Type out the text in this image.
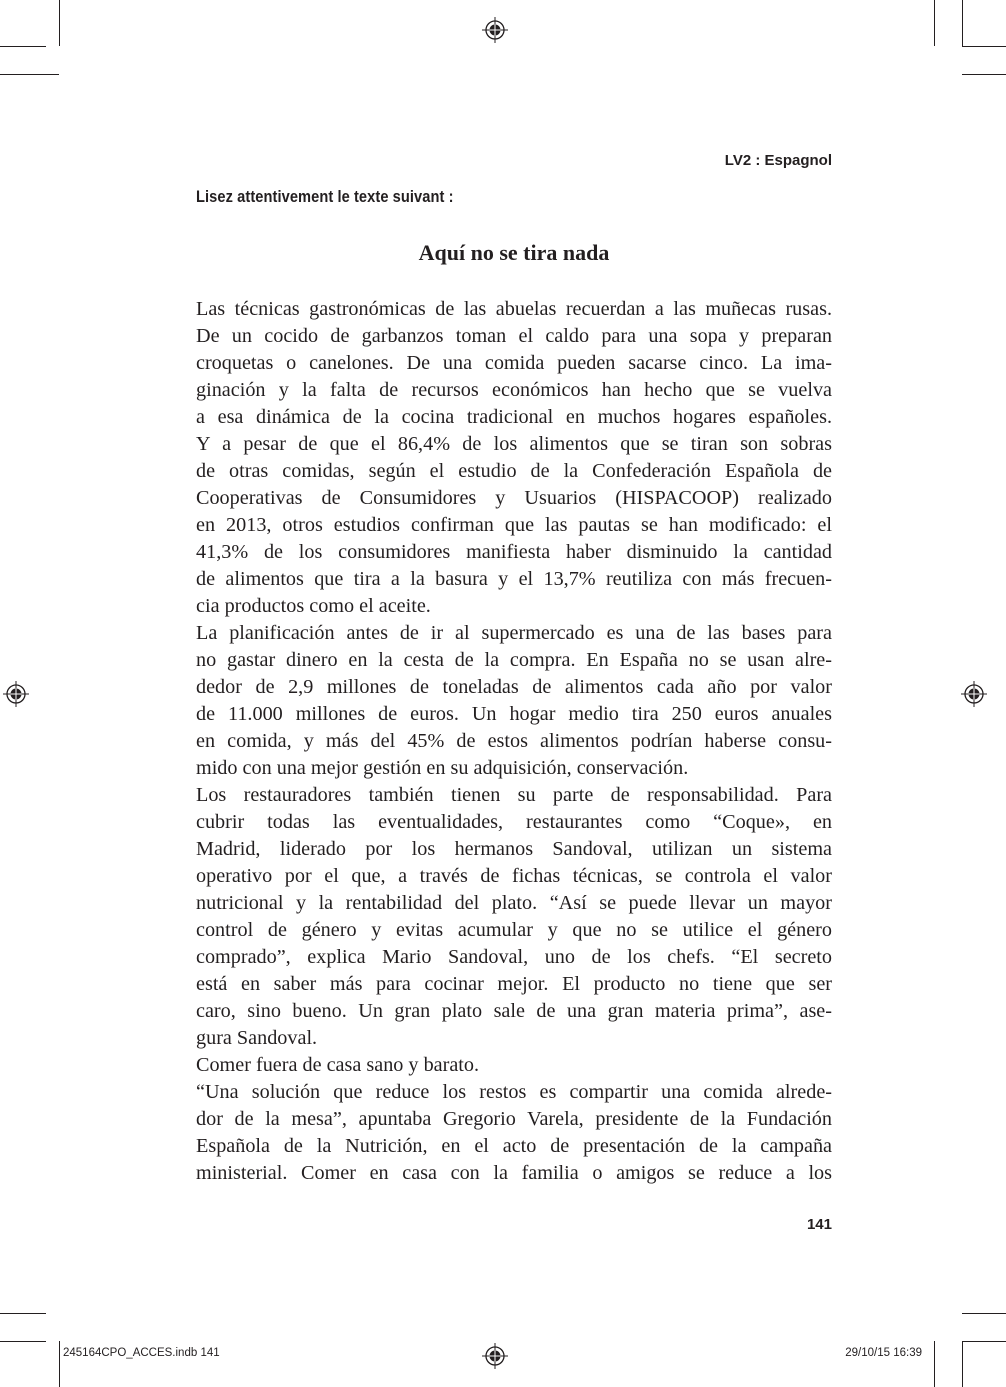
LV2 : Espagnol
Lisez attentivement le texte suivant :
Aquí no se tira nada
Las técnicas gastronómicas de las abuelas recuerdan a las muñecas rusas.
De un cocido de garbanzos toman el caldo para una sopa y preparan
croquetas o canelones. De una comida pueden sacarse cinco. La ima-
ginación y la falta de recursos económicos han hecho que se vuelva
a esa dinámica de la cocina tradicional en muchos hogares españoles.
Y a pesar de que el 86,4% de los alimentos que se tiran son sobras
de otras comidas, según el estudio de la Confederación Española de
Cooperativas de Consumidores y Usuarios (HISPACOOP) realizado
en 2013, otros estudios confirman que las pautas se han modificado: el
41,3% de los consumidores manifiesta haber disminuido la cantidad
de alimentos que tira a la basura y el 13,7% reutiliza con más frecuen-
cia productos como el aceite.
La planificación antes de ir al supermercado es una de las bases para
no gastar dinero en la cesta de la compra. En España no se usan alre-
dedor de 2,9 millones de toneladas de alimentos cada año por valor
de 11.000 millones de euros. Un hogar medio tira 250 euros anuales
en comida, y más del 45% de estos alimentos podrían haberse consu-
mido con una mejor gestión en su adquisición, conservación.
Los restauradores también tienen su parte de responsabilidad. Para
cubrir todas las eventualidades, restaurantes como “Coque», en
Madrid, liderado por los hermanos Sandoval, utilizan un sistema
operativo por el que, a través de fichas técnicas, se controla el valor
nutricional y la rentabilidad del plato. “Así se puede llevar un mayor
control de género y evitas acumular y que no se utilice el género
comprado”, explica Mario Sandoval, uno de los chefs. “El secreto
está en saber más para cocinar mejor. El producto no tiene que ser
caro, sino bueno. Un gran plato sale de una gran materia prima”, ase-
gura Sandoval.
Comer fuera de casa sano y barato.
“Una solución que reduce los restos es compartir una comida alrede-
dor de la mesa”, apuntaba Gregorio Varela, presidente de la Fundación
Española de la Nutrición, en el acto de presentación de la campaña
ministerial. Comer en casa con la familia o amigos se reduce a los
141
245164CPO_ACCES.indb 141	29/10/15 16:39
